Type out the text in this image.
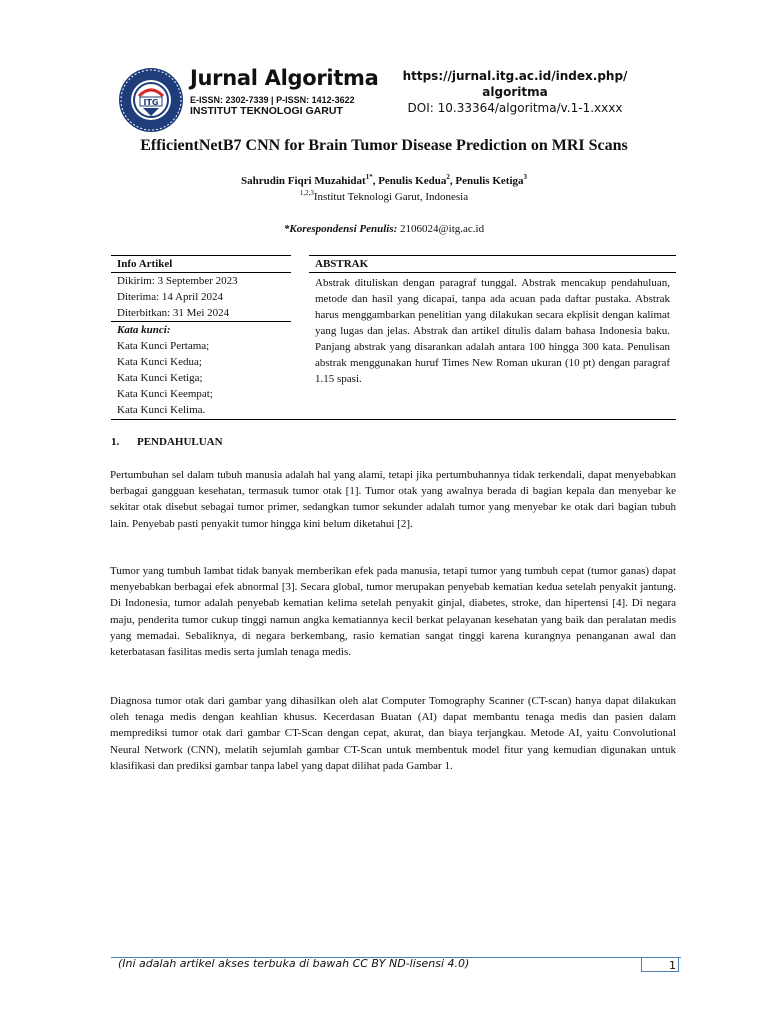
ITG
Jurnal Algoritma
E-ISSN: 2302-7339 | P-ISSN: 1412-3622
INSTITUT TEKNOLOGI GARUT
https://jurnal.itg.ac.id/index.php/
algoritma
DOI: 10.33364/algoritma/v.1-1.xxxx
EfficientNetB7 CNN for Brain Tumor Disease Prediction on MRI Scans
Sahrudin Fiqri Muzahidat$^{1*}$, Penulis Kedua$^2$, Penulis Ketiga$^3$
$^{1,2,3}$Institut Teknologi Garut, Indonesia
*Korespondensi Penulis: 2106024@itg.ac.id
Info Artikel
Dikirim: 3 September 2023
Diterima: 14 April 2024
Diterbitkan: 31 Mei 2024
Kata kunci:
Kata Kunci Pertama;
Kata Kunci Kedua;
Kata Kunci Ketiga;
Kata Kunci Keempat;
Kata Kunci Kelima.
ABSTRAK
Abstrak dituliskan dengan paragraf tunggal. Abstrak mencakup pendahuluan, metode dan hasil yang dicapai, tanpa ada acuan pada daftar pustaka. Abstrak harus menggambarkan penelitian yang dilakukan secara ekplisit dengan kalimat yang lugas dan jelas. Abstrak dan artikel ditulis dalam bahasa Indonesia baku. Panjang abstrak yang disarankan adalah antara 100 hingga 300 kata. Penulisan abstrak menggunakan huruf Times New Roman ukuran (10 pt) dengan paragraf 1.15 spasi.
1. PENDAHULUAN
Pertumbuhan sel dalam tubuh manusia adalah hal yang alami, tetapi jika pertumbuhannya tidak terkendali, dapat menyebabkan berbagai gangguan kesehatan, termasuk tumor otak [1]. Tumor otak yang awalnya berada di bagian kepala dan menyebar ke sekitar otak disebut sebagai tumor primer, sedangkan tumor sekunder adalah tumor yang menyebar ke otak dari bagian tubuh lain. Penyebab pasti penyakit tumor hingga kini belum diketahui [2].
Tumor yang tumbuh lambat tidak banyak memberikan efek pada manusia, tetapi tumor yang tumbuh cepat (tumor ganas) dapat menyebabkan berbagai efek abnormal [3]. Secara global, tumor merupakan penyebab kematian kedua setelah penyakit jantung. Di Indonesia, tumor adalah penyebab kematian kelima setelah penyakit ginjal, diabetes, stroke, dan hipertensi [4]. Di negara maju, penderita tumor cukup tinggi namun angka kematiannya kecil berkat pelayanan kesehatan yang baik dan peralatan medis yang memadai. Sebaliknya, di negara berkembang, rasio kematian sangat tinggi karena kurangnya penanganan awal dan keterbatasan fasilitas medis serta jumlah tenaga medis.
Diagnosa tumor otak dari gambar yang dihasilkan oleh alat Computer Tomography Scanner (CT-scan) hanya dapat dilakukan oleh tenaga medis dengan keahlian khusus. Kecerdasan Buatan (AI) dapat membantu tenaga medis dan pasien dalam memprediksi tumor otak dari gambar CT-Scan dengan cepat, akurat, dan biaya terjangkau. Metode AI, yaitu Convolutional Neural Network (CNN), melatih sejumlah gambar CT-Scan untuk membentuk model fitur yang kemudian digunakan untuk klasifikasi dan prediksi gambar tanpa label yang dapat dilihat pada Gambar 1.
(Ini adalah artikel akses terbuka di bawah CC BY ND-lisensi 4.0)	1
